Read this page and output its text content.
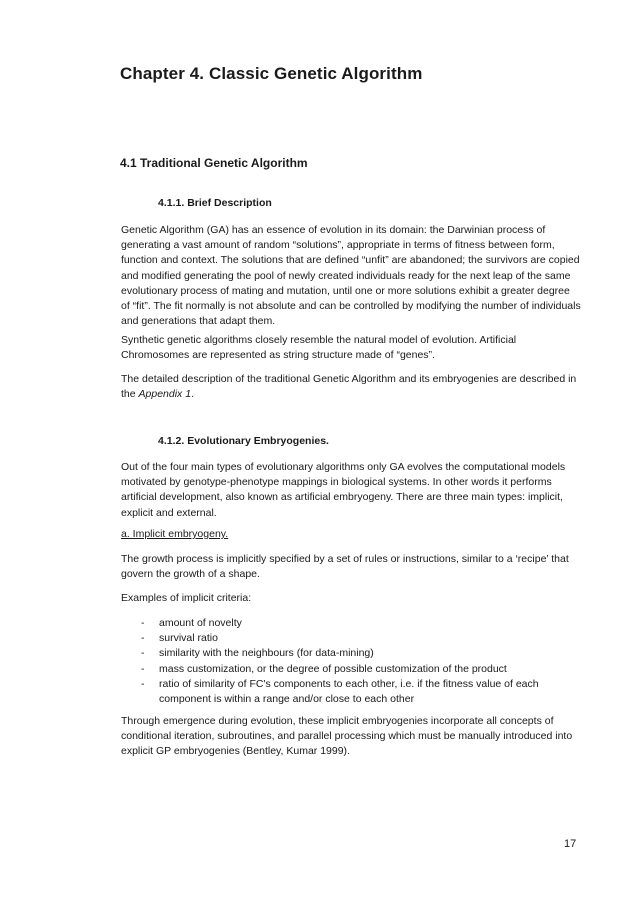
Chapter 4. Classic Genetic Algorithm
4.1 Traditional Genetic Algorithm
4.1.1. Brief Description

Genetic Algorithm (GA) has an essence of evolution in its domain: the Darwinian process of generating a vast amount of random “solutions”, appropriate in terms of fitness between form, function and context. The solutions that are defined “unfit” are abandoned; the survivors are copied and modified generating the pool of newly created individuals ready for the next leap of the same evolutionary process of mating and mutation, until one or more solutions exhibit a greater degree of “fit”. The fit normally is not absolute and can be controlled by modifying the number of individuals and generations that adapt them.

Synthetic genetic algorithms closely resemble the natural model of evolution. Artificial Chromosomes are represented as string structure made of “genes”.

The detailed description of the traditional Genetic Algorithm and its embryogenies are described in the Appendix 1.

4.1.2. Evolutionary Embryogenies.

Out of the four main types of evolutionary algorithms only GA evolves the computational models motivated by genotype-phenotype mappings in biological systems. In other words it performs artificial development, also known as artificial embryogeny. There are three main types: implicit, explicit and external.

a. Implicit embryogeny.

The growth process is implicitly specified by a set of rules or instructions, similar to a ‘recipe’ that govern the growth of a shape.

Examples of implicit criteria:

- amount of novelty
- survival ratio
- similarity with the neighbours (for data-mining)
- mass customization, or the degree of possible customization of the product
- ratio of similarity of FC's components to each other, i.e. if the fitness value of each component is within a range and/or close to each other

Through emergence during evolution, these implicit embryogenies incorporate all concepts of conditional iteration, subroutines, and parallel processing which must be manually introduced into explicit GP embryogenies (Bentley, Kumar 1999).

17
